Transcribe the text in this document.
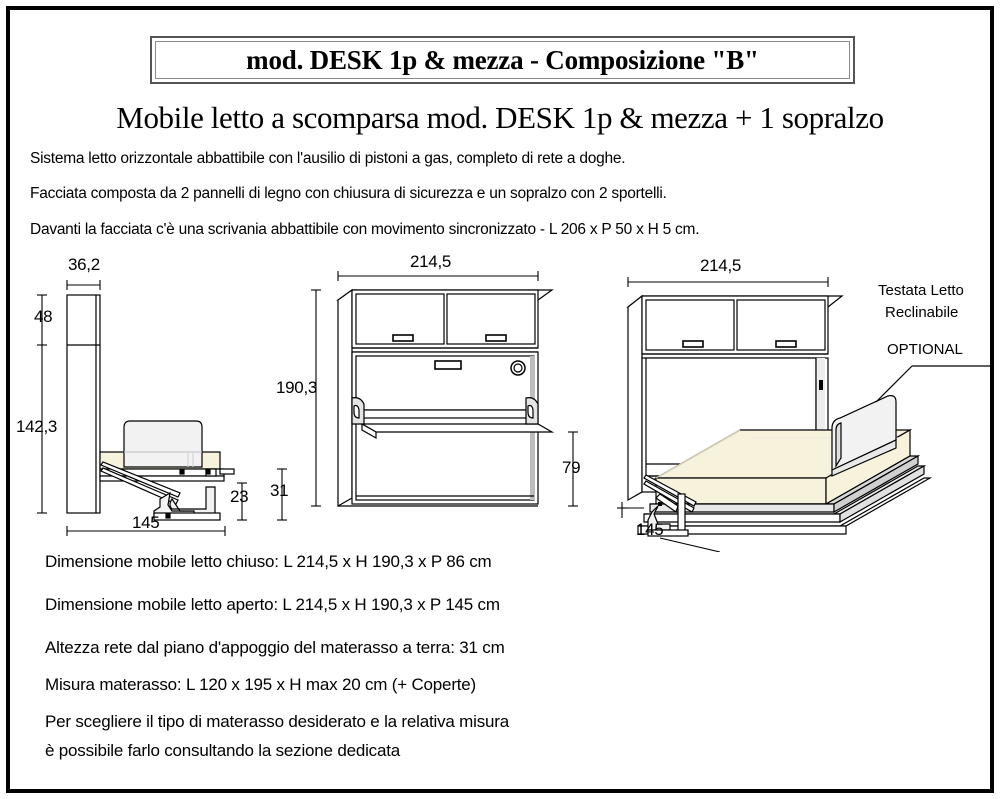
mod. DESK 1p & mezza - Composizione "B"
Mobile letto a scomparsa mod. DESK 1p & mezza + 1 sopralzo
Sistema letto orizzontale abbattibile con l'ausilio di pistoni a gas, completo di rete a doghe.
Facciata composta da 2 pannelli di legno con chiusura di sicurezza e un sopralzo con 2 sportelli.
Davanti la facciata c'è una scrivania abbattibile con movimento sincronizzato - L 206 x P 50 x H 5 cm.
36,2
48
142,3
145
23 31
214,5
190,3
79
214,5
145
Testata Letto
Reclinabile
OPTIONAL
Dimensione mobile letto chiuso: L 214,5 x H 190,3 x P 86 cm
Dimensione mobile letto aperto: L 214,5 x H 190,3 x P 145 cm
Altezza rete dal piano d'appoggio del materasso a terra: 31 cm
Misura materasso: L 120 x 195 x H max 20 cm (+ Coperte)
Per scegliere il tipo di materasso desiderato e la relativa misura
è possibile farlo consultando la sezione dedicata
